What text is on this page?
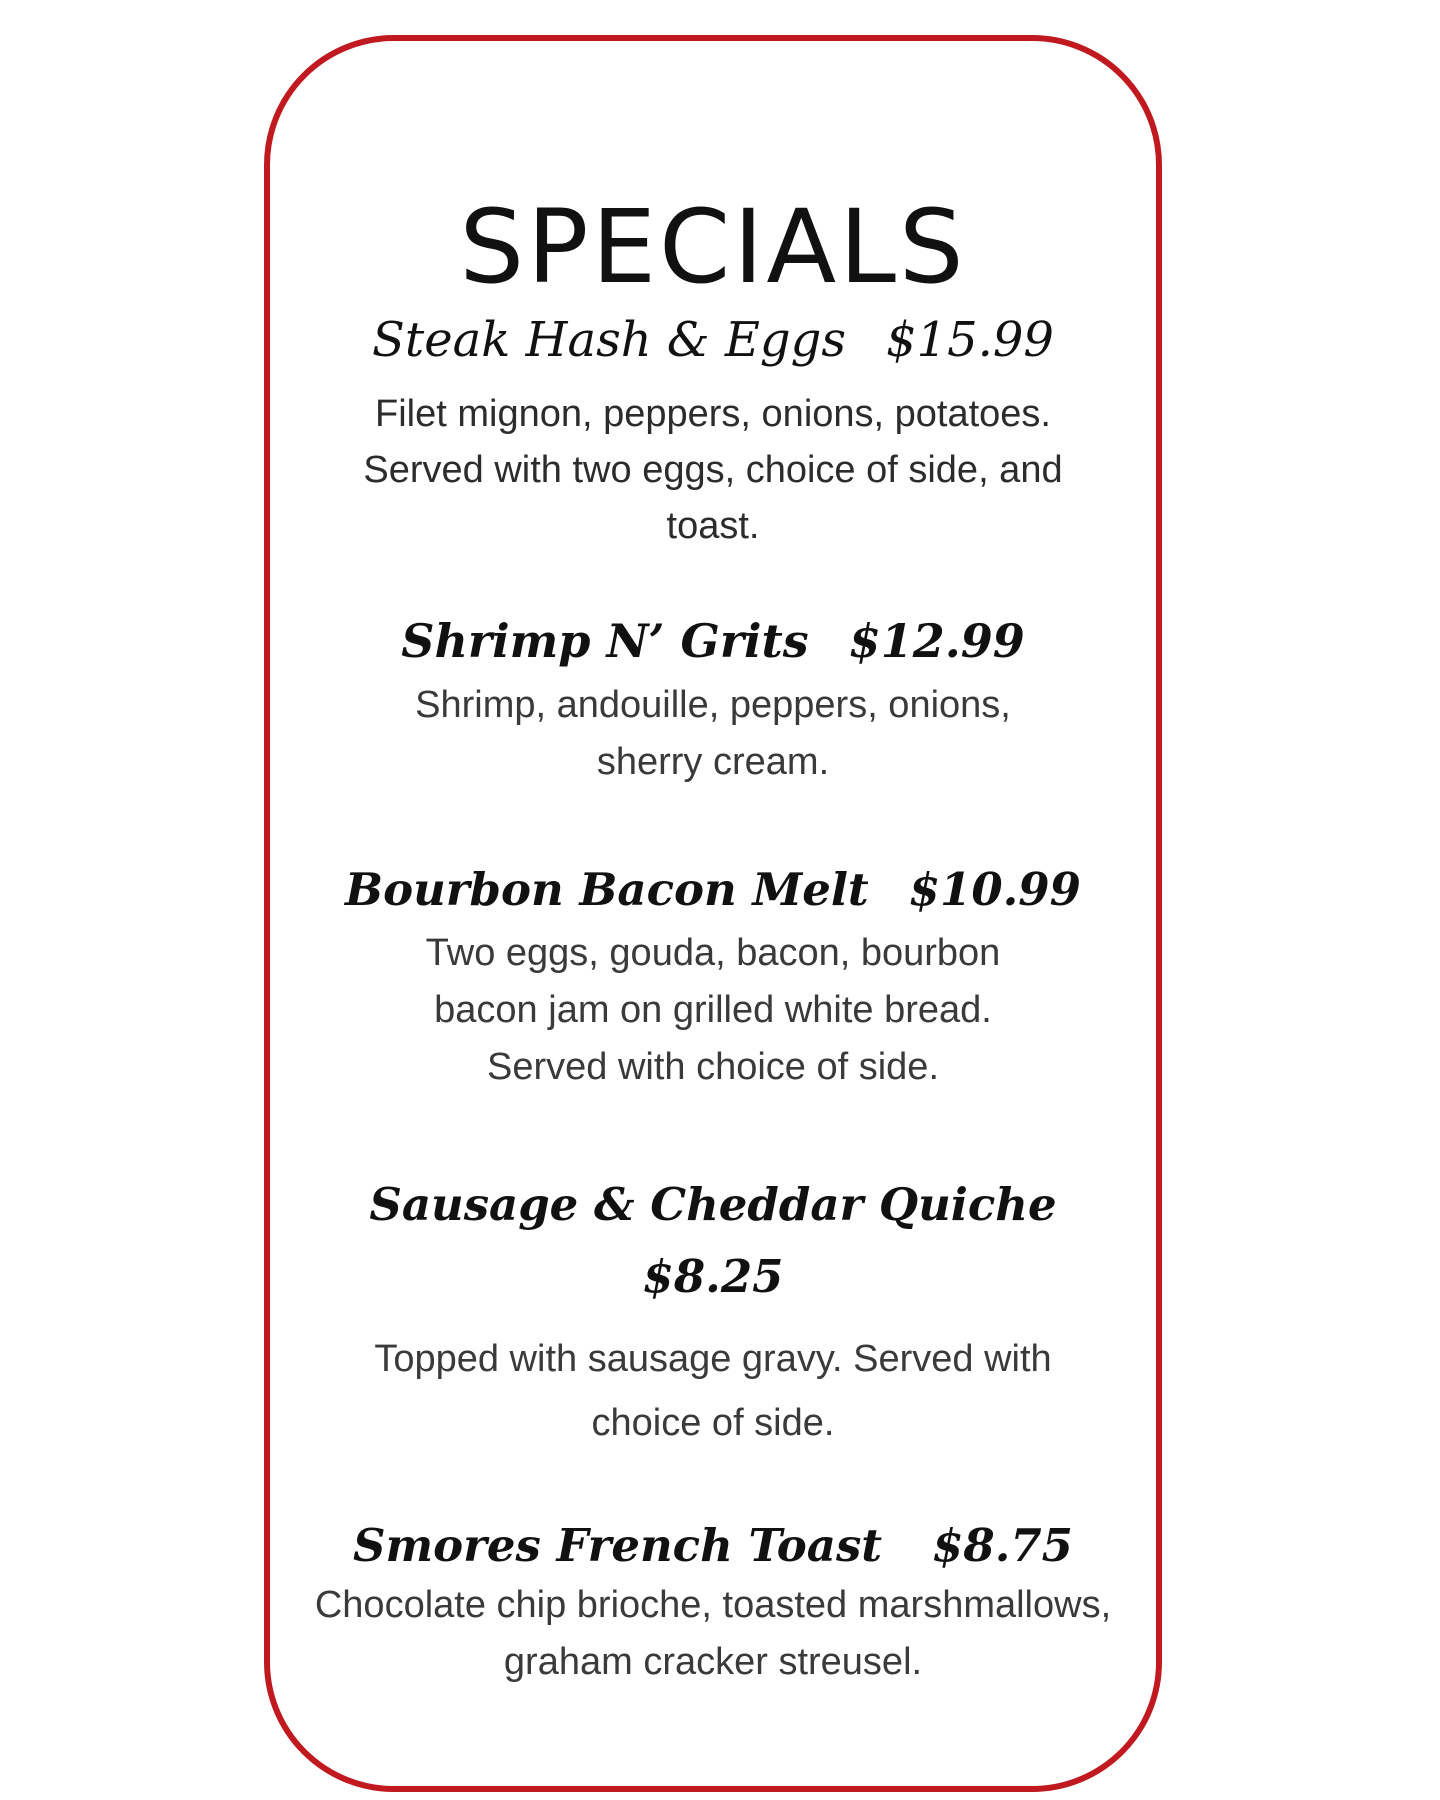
SPECIALS

Steak Hash & Eggs $15.99

Filet mignon, peppers, onions, potatoes. Served with two eggs, choice of side, and toast.

Shrimp N’ Grits $12.99

Shrimp, andouille, peppers, onions, sherry cream.

Bourbon Bacon Melt $10.99

Two eggs, gouda, bacon, bourbon bacon jam on grilled white bread. Served with choice of side.

Sausage & Cheddar Quiche
$8.25

Topped with sausage gravy. Served with choice of side.

Smores French Toast $8.75

Chocolate chip brioche, toasted marshmallows, graham cracker streusel.
